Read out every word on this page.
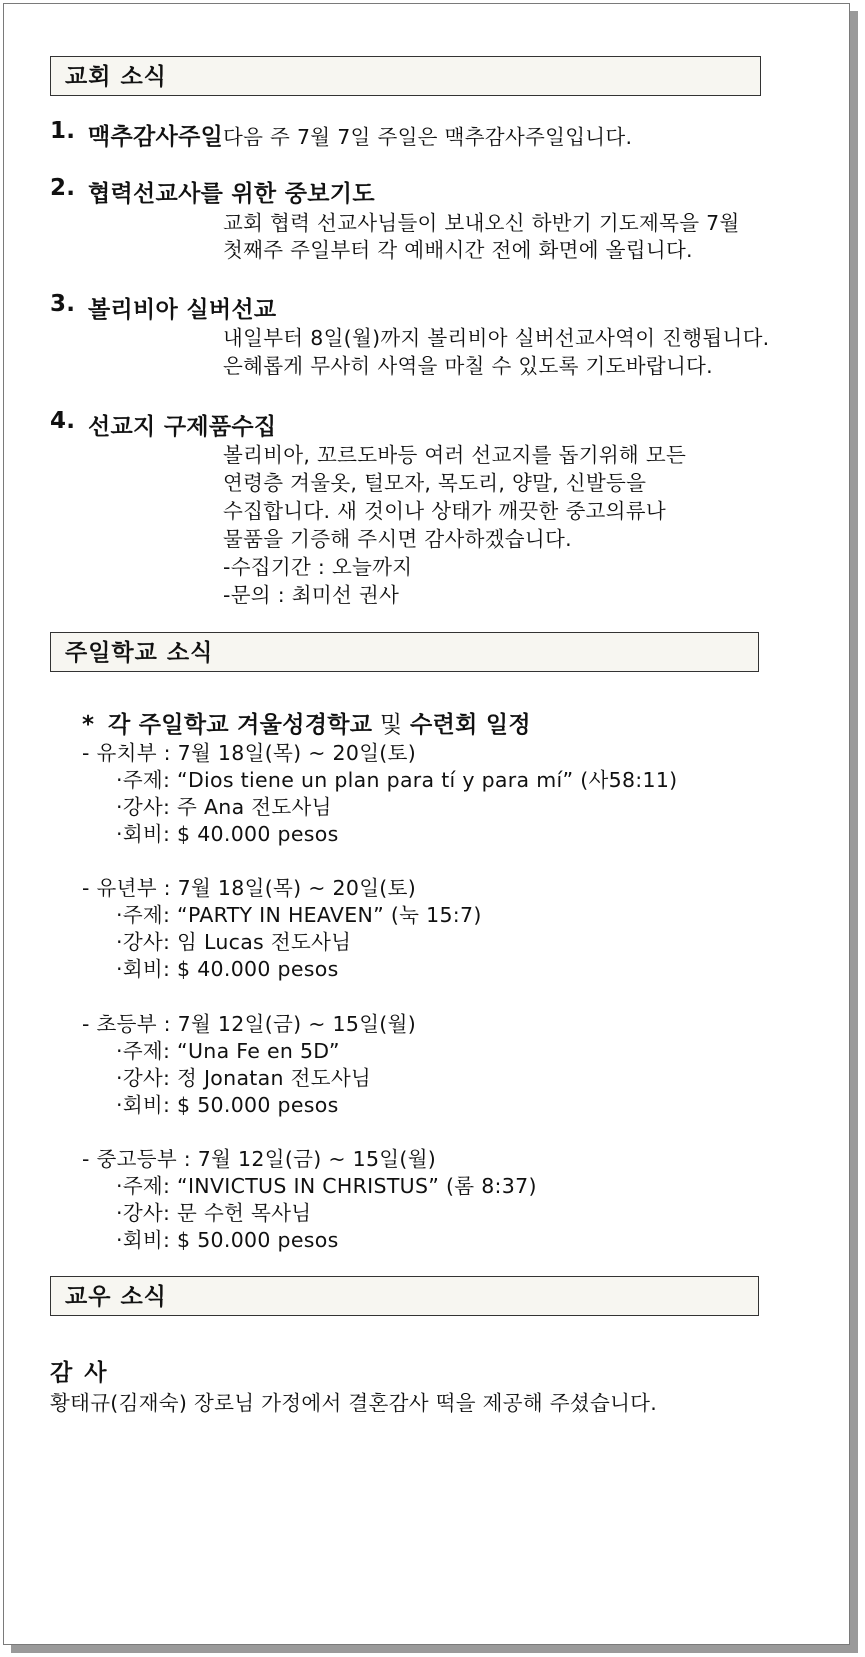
교회 소식
1. 맥추감사주일 다음 주 7월 7일 주일은 맥추감사주일입니다.
2. 협력선교사를 위한 중보기도
교회 협력 선교사님들이 보내오신 하반기 기도제목을 7월
첫째주 주일부터 각 예배시간 전에 화면에 올립니다.
3. 볼리비아 실버선교
내일부터 8일(월)까지 볼리비아 실버선교사역이 진행됩니다.
은혜롭게 무사히 사역을 마칠 수 있도록 기도바랍니다.
4. 선교지 구제품수집
볼리비아, 꼬르도바등 여러 선교지를 돕기위해 모든
연령층 겨울옷, 털모자, 목도리, 양말, 신발등을
수집합니다. 새 것이나 상태가 깨끗한 중고의류나
물품을 기증해 주시면 감사하겠습니다.
-수집기간 : 오늘까지
-문의 : 최미선 권사
주일학교 소식
* 각 주일학교 겨울성경학교 및 수련회 일정
- 유치부 : 7월 18일(목) ~ 20일(토)
·주제: “Dios tiene un plan para tí y para mí” (사58:11)
·강사: 주 Ana 전도사님
·회비: $ 40.000 pesos
- 유년부 : 7월 18일(목) ~ 20일(토)
·주제: “PARTY IN HEAVEN” (눅 15:7)
·강사: 임 Lucas 전도사님
·회비: $ 40.000 pesos
- 초등부 : 7월 12일(금) ~ 15일(월)
·주제: “Una Fe en 5D”
·강사: 정 Jonatan 전도사님
·회비: $ 50.000 pesos
- 중고등부 : 7월 12일(금) ~ 15일(월)
·주제: “INVICTUS IN CHRISTUS” (롬 8:37)
·강사: 문 수헌 목사님
·회비: $ 50.000 pesos
교우 소식
감 사
황태규(김재숙) 장로님 가정에서 결혼감사 떡을 제공해 주셨습니다.
